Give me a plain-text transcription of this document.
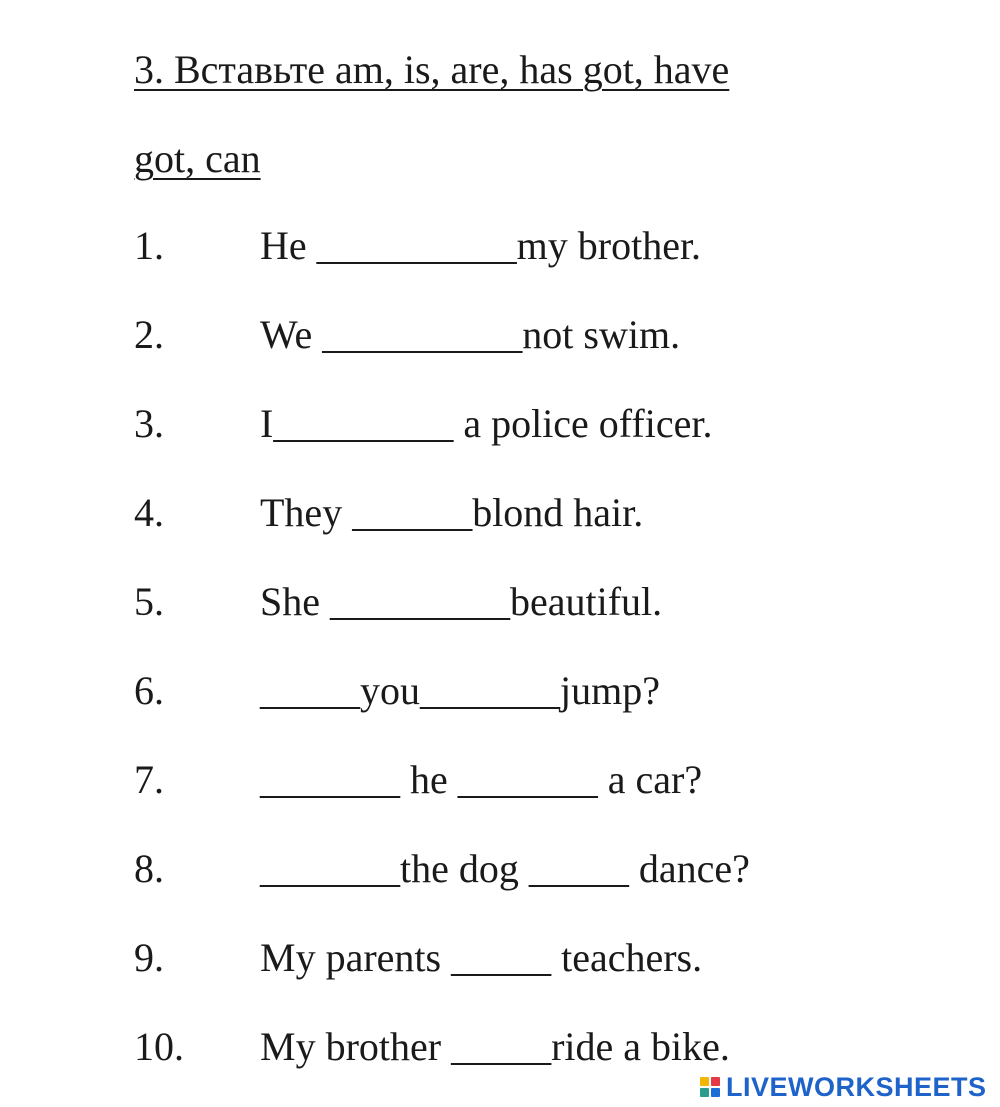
3. Вставьте am, is, are, has got, have
got, can
1. He __________my brother.
2. We __________not swim.
3. I_________ a police officer.
4. They ______blond hair.
5. She _________beautiful.
6. _____you_______jump?
7. _______ he _______ a car?
8. _______the dog _____ dance?
9. My parents _____ teachers.
10. My brother _____ride a bike.
LIVEWORKSHEETS
